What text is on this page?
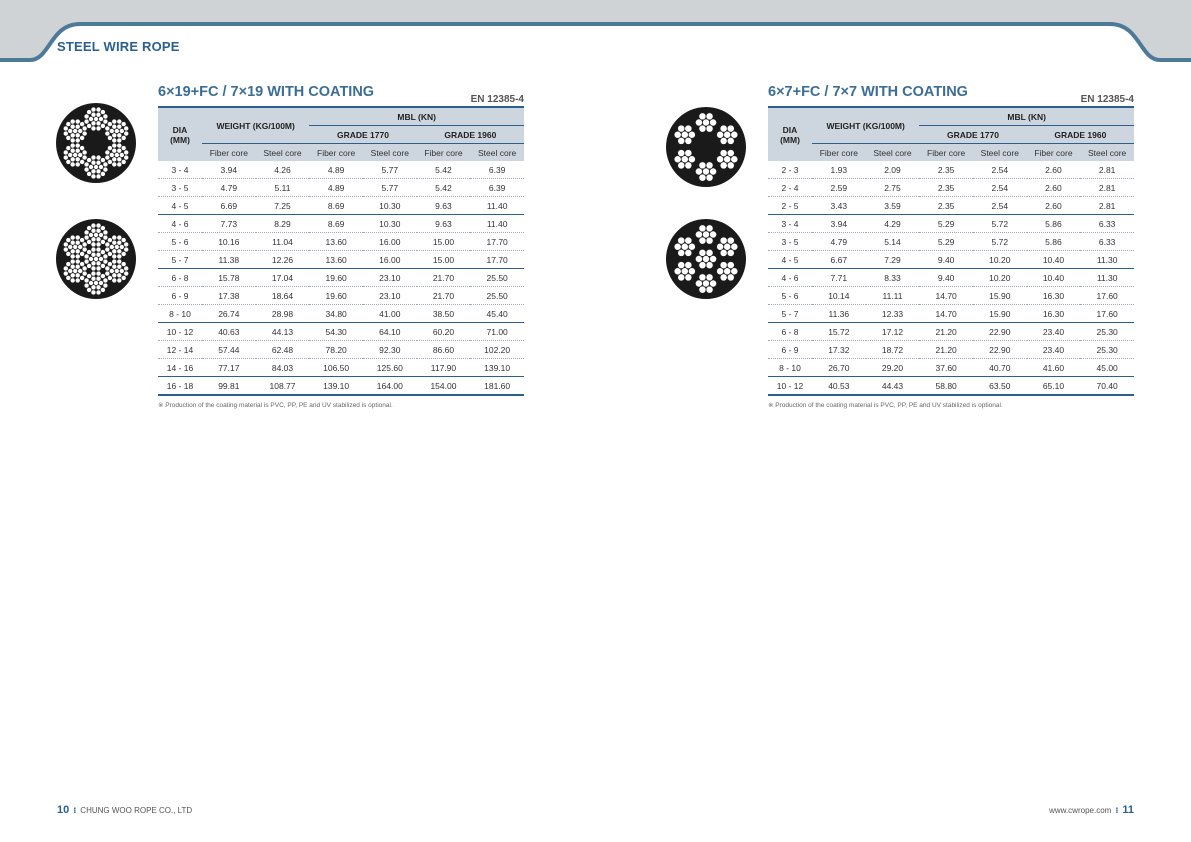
STEEL WIRE ROPE
6×19+FC / 7×19 WITH COATING	EN 12385-4
DIA
(MM)	WEIGHT (KG/100M)		MBL (KN)			
			GRADE 1770		GRADE 1960	
	Fiber core	Steel core	Fiber core	Steel core	Fiber core	Steel core
3 - 4	3.94	4.26	4.89	5.77	5.42	6.39
3 - 5	4.79	5.11	4.89	5.77	5.42	6.39
4 - 5	6.69	7.25	8.69	10.30	9.63	11.40
4 - 6	7.73	8.29	8.69	10.30	9.63	11.40
5 - 6	10.16	11.04	13.60	16.00	15.00	17.70
5 - 7	11.38	12.26	13.60	16.00	15.00	17.70
6 - 8	15.78	17.04	19.60	23.10	21.70	25.50
6 - 9	17.38	18.64	19.60	23.10	21.70	25.50
8 - 10	26.74	28.98	34.80	41.00	38.50	45.40
10 - 12	40.63	44.13	54.30	64.10	60.20	71.00
12 - 14	57.44	62.48	78.20	92.30	86.60	102.20
14 - 16	77.17	84.03	106.50	125.60	117.90	139.10
16 - 18	99.81	108.77	139.10	164.00	154.00	181.60
※ Production of the coating material is PVC, PP, PE and UV stabilized is optional.
6×7+FC / 7×7 WITH COATING	EN 12385-4
DIA
(MM)	WEIGHT (KG/100M)		MBL (KN)			
			GRADE 1770		GRADE 1960	
	Fiber core	Steel core	Fiber core	Steel core	Fiber core	Steel core
2 - 3	1.93	2.09	2.35	2.54	2.60	2.81
2 - 4	2.59	2.75	2.35	2.54	2.60	2.81
2 - 5	3.43	3.59	2.35	2.54	2.60	2.81
3 - 4	3.94	4.29	5.29	5.72	5.86	6.33
3 - 5	4.79	5.14	5.29	5.72	5.86	6.33
4 - 5	6.67	7.29	9.40	10.20	10.40	11.30
4 - 6	7.71	8.33	9.40	10.20	10.40	11.30
5 - 6	10.14	11.11	14.70	15.90	16.30	17.60
5 - 7	11.36	12.33	14.70	15.90	16.30	17.60
6 - 8	15.72	17.12	21.20	22.90	23.40	25.30
6 - 9	17.32	18.72	21.20	22.90	23.40	25.30
8 - 10	26.70	29.20	37.60	40.70	41.60	45.00
10 - 12	40.53	44.43	58.80	63.50	65.10	70.40
※ Production of the coating material is PVC, PP, PE and UV stabilized is optional.
10 ⁝ CHUNG WOO ROPE CO., LTD	www.cwrope.com ⁝ 11
